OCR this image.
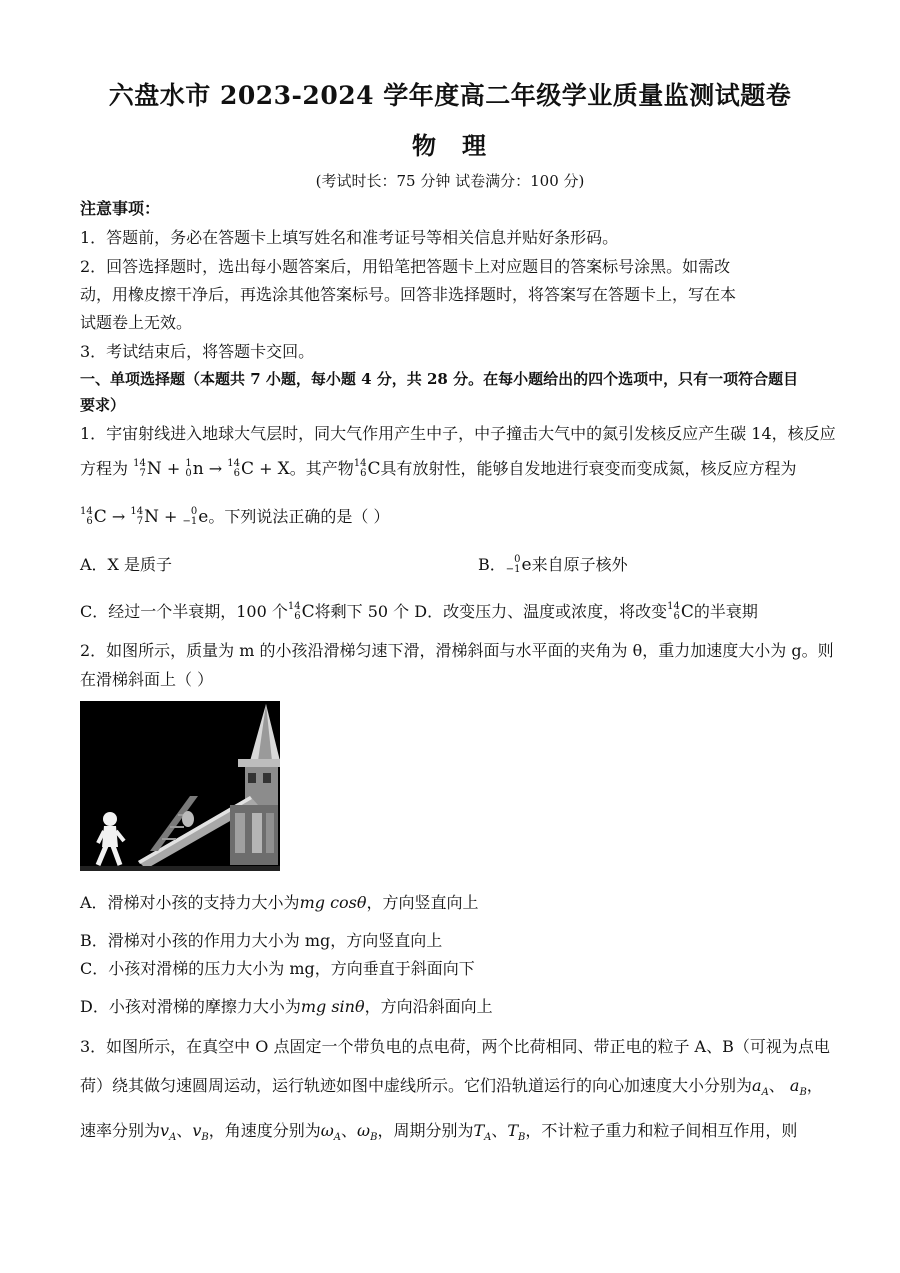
六盘水市 2023-2024 学年度高二年级学业质量监测试题卷
物理
(考试时长：75 分钟 试卷满分：100 分)
注意事项：
1．答题前，务必在答题卡上填写姓名和准考证号等相关信息并贴好条形码。
2．回答选择题时，选出每小题答案后，用铅笔把答题卡上对应题目的答案标号涂黑。如需改
动，用橡皮擦干净后，再选涂其他答案标号。回答非选择题时，将答案写在答题卡上，写在本
试题卷上无效。
3．考试结束后，将答题卡交回。
一、单项选择题（本题共 7 小题，每小题 4 分，共 28 分。在每小题给出的四个选项中，只有一项符合题目
要求）
1．宇宙射线进入地球大气层时，同大气作用产生中子，中子撞击大气中的氮引发核反应产生碳 14，核反应
方程为 14
7 N + 1
0 n → 14
6 C + X。其产物 14
6 C具有放射性，能够自发地进行衰变而变成氮，核反应方程为
14
6 C → 14
7 N +	0
−1 e。下列说法正确的是（ ）
A．X 是质子	B． 0
−1 e来自原子核外
C．经过一个半衰期，100 个 14
6 C将剩下 50 个 D．改变压力、温度或浓度，将改变 14
6 C的半衰期
2．如图所示，质量为 m 的小孩沿滑梯匀速下滑，滑梯斜面与水平面的夹角为 θ，重力加速度大小为 g。则
在滑梯斜面上（ ）
A．滑梯对小孩的支持力大小为mg cosθ，方向竖直向上
B．滑梯对小孩的作用力大小为 mg，方向竖直向上
C．小孩对滑梯的压力大小为 mg，方向垂直于斜面向下
D．小孩对滑梯的摩擦力大小为mg sinθ，方向沿斜面向上
3．如图所示，在真空中 O 点固定一个带负电的点电荷，两个比荷相同、带正电的粒子 A、B（可视为点电
荷）绕其做匀速圆周运动，运行轨迹如图中虚线所示。它们沿轨道运行的向心加速度大小分别为$a_A$、 $a_B$，
速率分别为$v_A$、$v_B$，角速度分别为$\omega_A$、$\omega_B$，周期分别为$T_A$、$T_B$，不计粒子重力和粒子间相互作用，则
